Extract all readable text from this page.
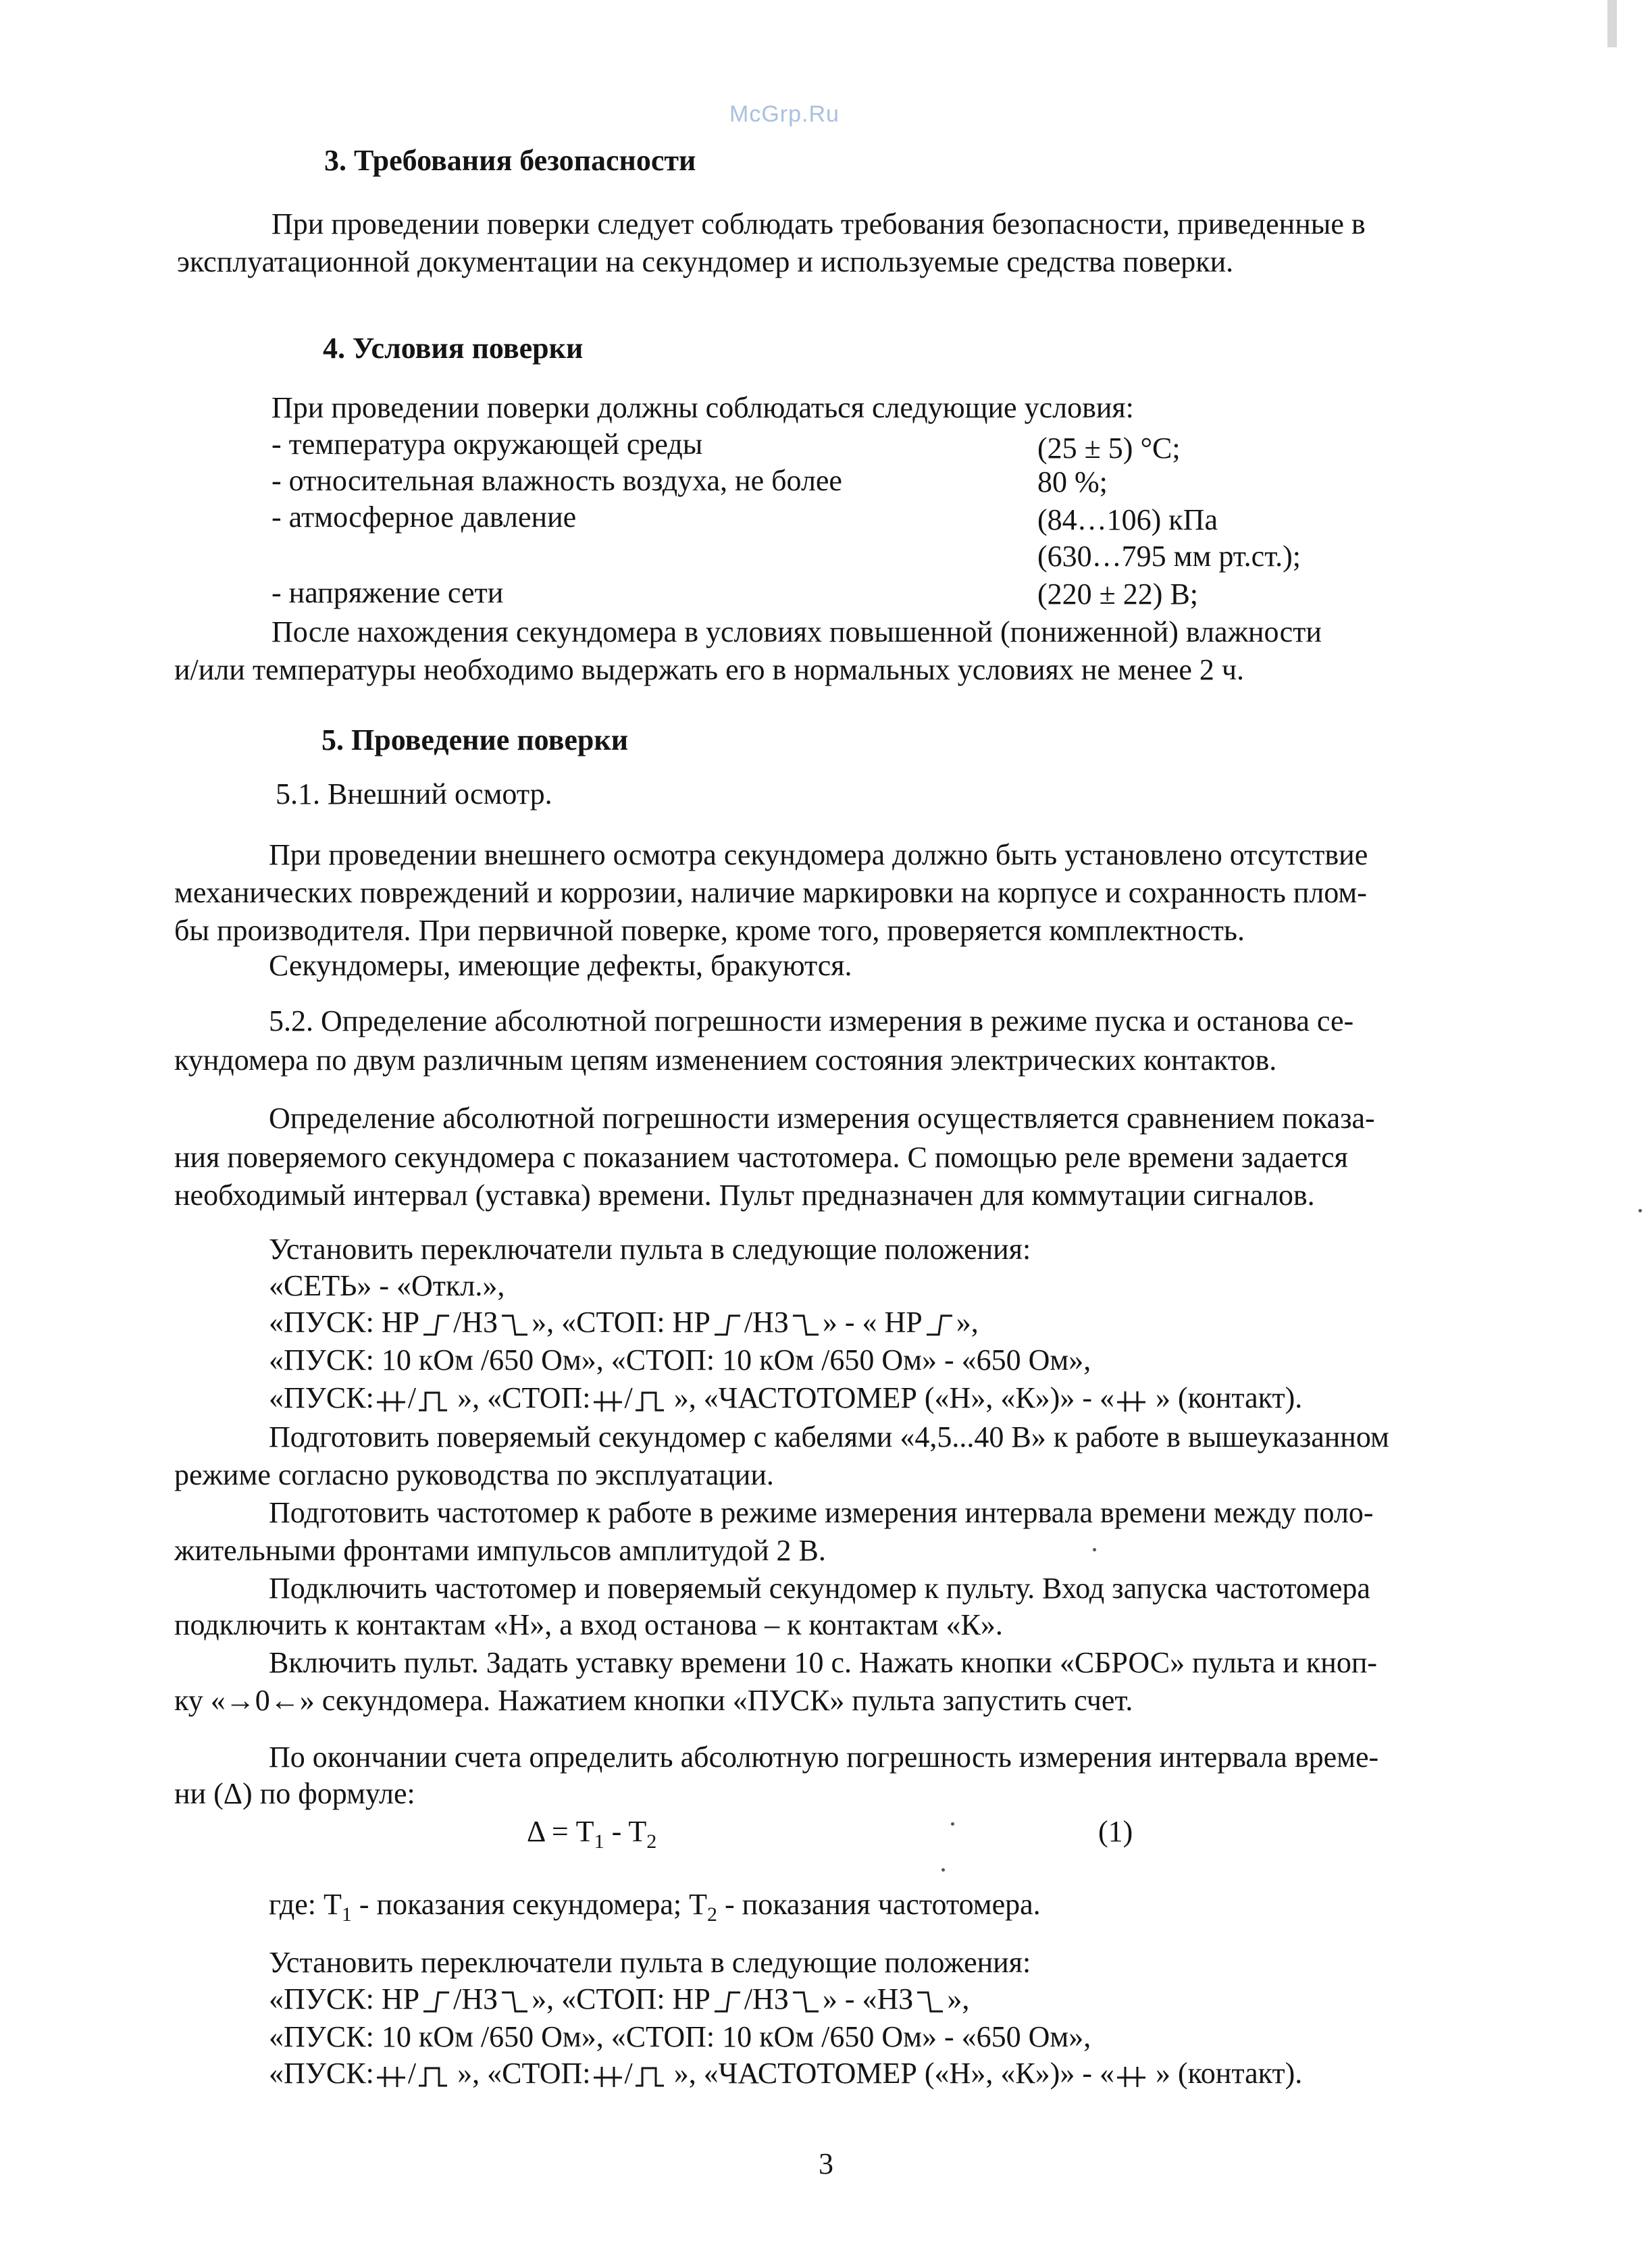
McGrp.Ru
3. Требования безопасности
При проведении поверки следует соблюдать требования безопасности, приведенные в
эксплуатационной документации на секундомер и используемые средства поверки.
4. Условия поверки
При проведении поверки должны соблюдаться следующие условия:
- температура окружающей среды	(25 ± 5) °C;
- относительная влажность воздуха, не более	80 %;
- атмосферное давление	(84…106) кПа
(630…795 мм рт.ст.);
- напряжение сети	(220 ± 22) В;
После нахождения секундомера в условиях повышенной (пониженной) влажности
и/или температуры необходимо выдержать его в нормальных условиях не менее 2 ч.
5. Проведение поверки
5.1. Внешний осмотр.
При проведении внешнего осмотра секундомера должно быть установлено отсутствие
механических повреждений и коррозии, наличие маркировки на корпусе и сохранность плом-
бы производителя. При первичной поверке, кроме того, проверяется комплектность.
Секундомеры, имеющие дефекты, бракуются.
5.2. Определение абсолютной погрешности измерения в режиме пуска и останова се-
кундомера по двум различным цепям изменением состояния электрических контактов.
Определение абсолютной погрешности измерения осуществляется сравнением показа-
ния поверяемого секундомера с показанием частотомера. С помощью реле времени задается
необходимый интервал (уставка) времени. Пульт предназначен для коммутации сигналов.
Установить переключатели пульта в следующие положения:
«СЕТЬ» - «Откл.»,
«ПУСК: НР /НЗ », «СТОП: НР /НЗ » - « НР »,
«ПУСК: 10 кОм /650 Ом», «СТОП: 10 кОм /650 Ом» - «650 Ом»,
«ПУСК: /
», «СТОП: /
», «ЧАСТОТОМЕР («Н», «К»)» - «
» (контакт).
Подготовить поверяемый секундомер с кабелями «4,5...40 В» к работе в вышеуказанном
режиме согласно руководства по эксплуатации.
Подготовить частотомер к работе в режиме измерения интервала времени между поло-
жительными фронтами импульсов амплитудой 2 В.
Подключить частотомер и поверяемый секундомер к пульту. Вход запуска частотомера
подключить к контактам «Н», а вход останова – к контактам «К».
Включить пульт. Задать уставку времени 10 с. Нажать кнопки «СБРОС» пульта и кноп-
ку «→0←» секундомера. Нажатием кнопки «ПУСК» пульта запустить счет.
По окончании счета определить абсолютную погрешность измерения интервала време-
ни (Δ) по формуле:
$\Delta = T_1 - T_2$	(1)
где: $T_1$ - показания секундомера; $T_2$ - показания частотомера.
Установить переключатели пульта в следующие положения:
«ПУСК: НР /НЗ », «СТОП: НР /НЗ » - «НЗ »,
«ПУСК: 10 кОм /650 Ом», «СТОП: 10 кОм /650 Ом» - «650 Ом»,
«ПУСК: /
», «СТОП: /
», «ЧАСТОТОМЕР («Н», «К»)» - «
» (контакт).
3
